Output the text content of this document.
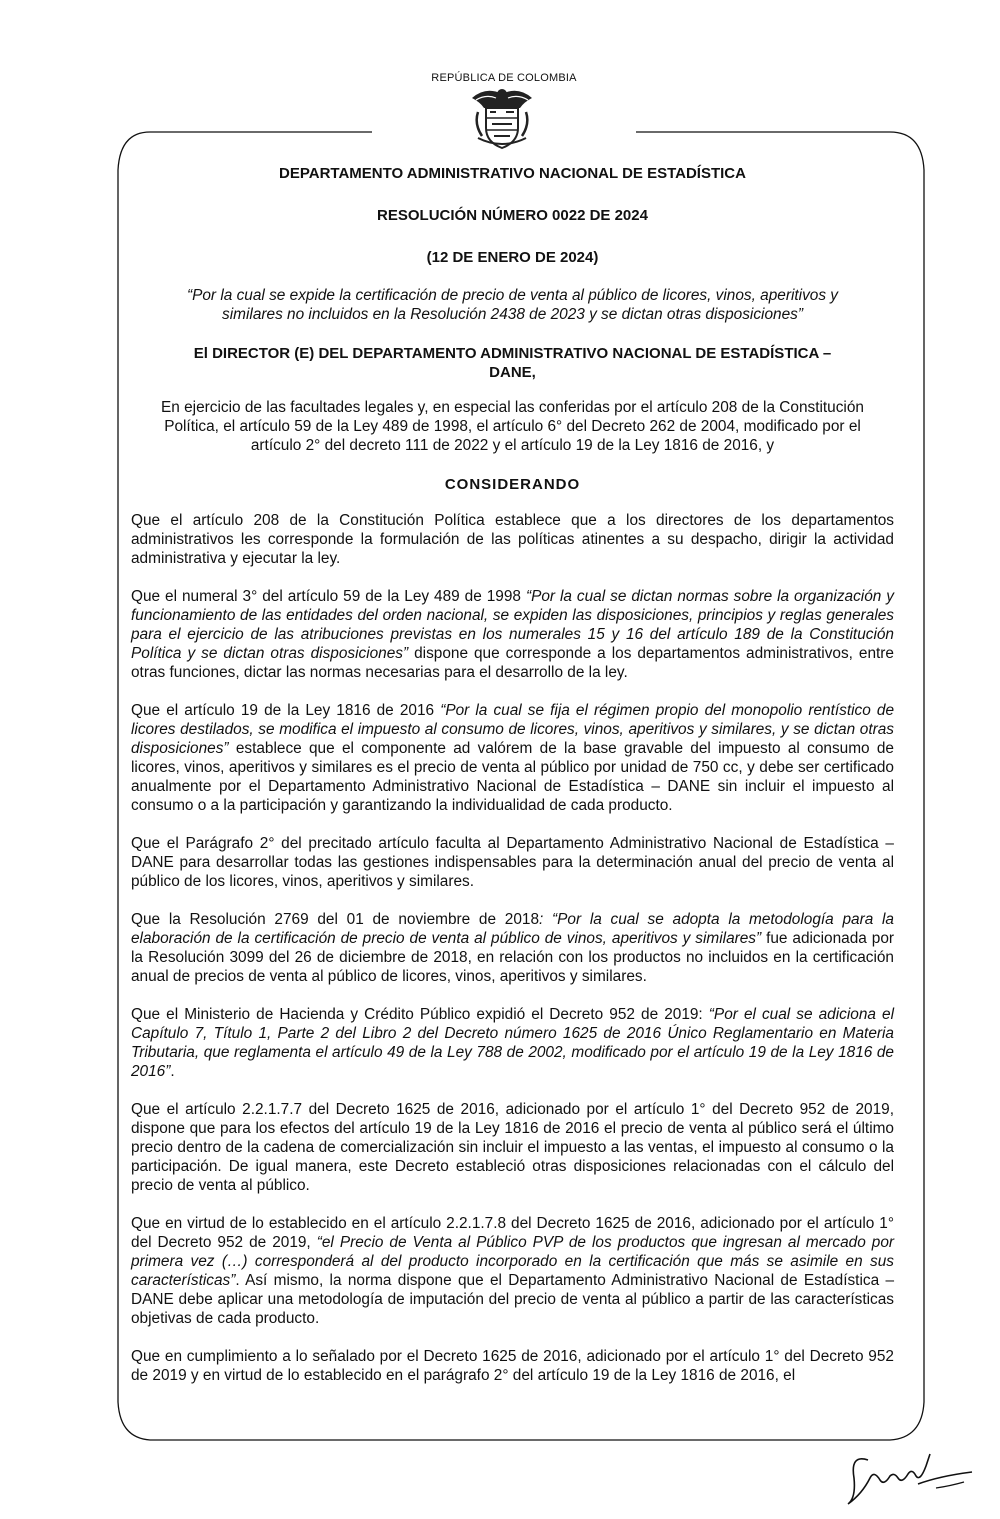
REPÚBLICA DE COLOMBIA
DEPARTAMENTO ADMINISTRATIVO NACIONAL DE ESTADÍSTICA
RESOLUCIÓN NÚMERO 0022 DE 2024
(12 DE ENERO DE 2024)
“Por la cual se expide la certificación de precio de venta al público de licores, vinos, aperitivos y
similares no incluidos en la Resolución 2438 de 2023 y se dictan otras disposiciones”
El DIRECTOR (E) DEL DEPARTAMENTO ADMINISTRATIVO NACIONAL DE ESTADÍSTICA –
DANE,
En ejercicio de las facultades legales y, en especial las conferidas por el artículo 208 de la Constitución
Política, el artículo 59 de la Ley 489 de 1998, el artículo 6° del Decreto 262 de 2004, modificado por el
artículo 2° del decreto 111 de 2022 y el artículo 19 de la Ley 1816 de 2016, y
CONSIDERANDO

Que el artículo 208 de la Constitución Política establece que a los directores de los departamentos administrativos les corresponde la formulación de las políticas atinentes a su despacho, dirigir la actividad administrativa y ejecutar la ley.

Que el numeral 3° del artículo 59 de la Ley 489 de 1998 “Por la cual se dictan normas sobre la organización y funcionamiento de las entidades del orden nacional, se expiden las disposiciones, principios y reglas generales para el ejercicio de las atribuciones previstas en los numerales 15 y 16 del artículo 189 de la Constitución Política y se dictan otras disposiciones” dispone que corresponde a los departamentos administrativos, entre otras funciones, dictar las normas necesarias para el desarrollo de la ley.

Que el artículo 19 de la Ley 1816 de 2016 “Por la cual se fija el régimen propio del monopolio rentístico de licores destilados, se modifica el impuesto al consumo de licores, vinos, aperitivos y similares, y se dictan otras disposiciones” establece que el componente ad valórem de la base gravable del impuesto al consumo de licores, vinos, aperitivos y similares es el precio de venta al público por unidad de 750 cc, y debe ser certificado anualmente por el Departamento Administrativo Nacional de Estadística – DANE sin incluir el impuesto al consumo o a la participación y garantizando la individualidad de cada producto.

Que el Parágrafo 2° del precitado artículo faculta al Departamento Administrativo Nacional de Estadística – DANE para desarrollar todas las gestiones indispensables para la determinación anual del precio de venta al público de los licores, vinos, aperitivos y similares.

Que la Resolución 2769 del 01 de noviembre de 2018: “Por la cual se adopta la metodología para la elaboración de la certificación de precio de venta al público de vinos, aperitivos y similares” fue adicionada por la Resolución 3099 del 26 de diciembre de 2018, en relación con los productos no incluidos en la certificación anual de precios de venta al público de licores, vinos, aperitivos y similares.

Que el Ministerio de Hacienda y Crédito Público expidió el Decreto 952 de 2019: “Por el cual se adiciona el Capítulo 7, Título 1, Parte 2 del Libro 2 del Decreto número 1625 de 2016 Único Reglamentario en Materia Tributaria, que reglamenta el artículo 49 de la Ley 788 de 2002, modificado por el artículo 19 de la Ley 1816 de 2016”.

Que el artículo 2.2.1.7.7 del Decreto 1625 de 2016, adicionado por el artículo 1° del Decreto 952 de 2019, dispone que para los efectos del artículo 19 de la Ley 1816 de 2016 el precio de venta al público será el último precio dentro de la cadena de comercialización sin incluir el impuesto a las ventas, el impuesto al consumo o la participación. De igual manera, este Decreto estableció otras disposiciones relacionadas con el cálculo del precio de venta al público.

Que en virtud de lo establecido en el artículo 2.2.1.7.8 del Decreto 1625 de 2016, adicionado por el artículo 1° del Decreto 952 de 2019, “el Precio de Venta al Público PVP de los productos que ingresan al mercado por primera vez (…) corresponderá al del producto incorporado en la certificación que más se asimile en sus características”. Así mismo, la norma dispone que el Departamento Administrativo Nacional de Estadística – DANE debe aplicar una metodología de imputación del precio de venta al público a partir de las características objetivas de cada producto.

Que en cumplimiento a lo señalado por el Decreto 1625 de 2016, adicionado por el artículo 1° del Decreto 952 de 2019 y en virtud de lo establecido en el parágrafo 2° del artículo 19 de la Ley 1816 de 2016, el
